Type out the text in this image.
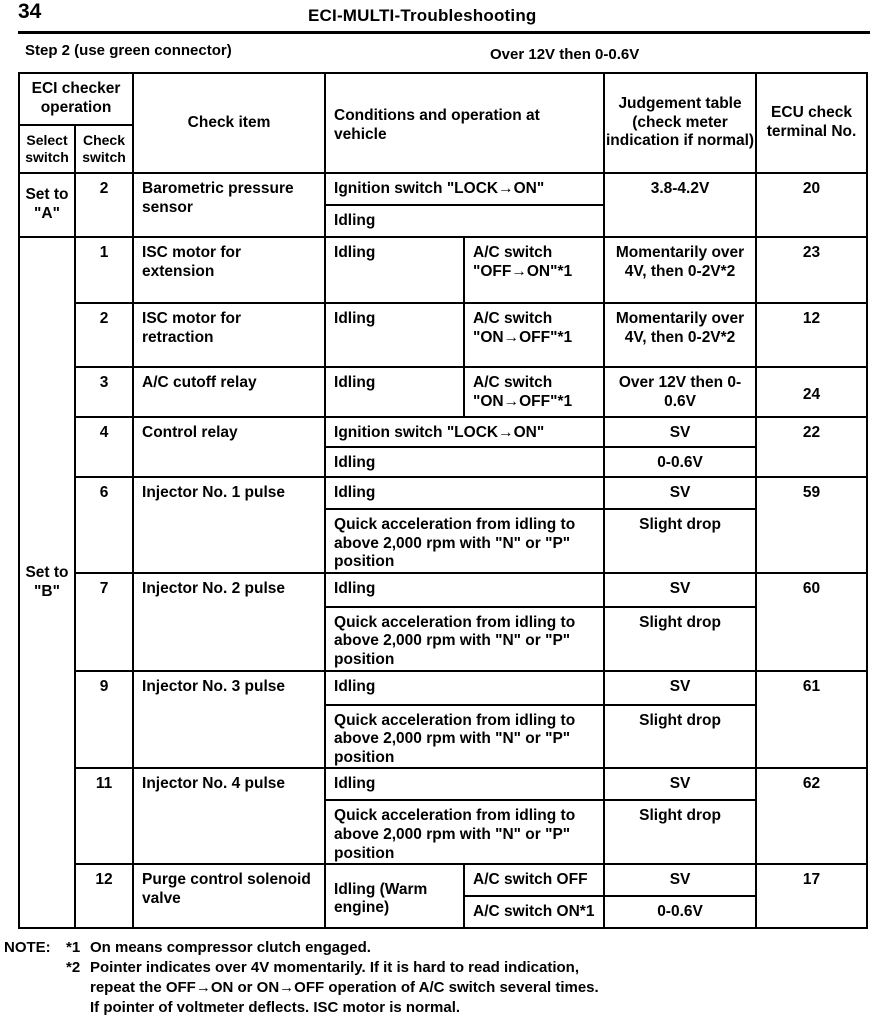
34	ECI-MULTI-Troubleshooting
Step 2 (use green connector)	Over 12V then 0-0.6V
ECI checker operation		Check item	Conditions and operation at vehicle		Judgement table (check meter indication if normal)	ECU check terminal No.
Select switch	Check switch					
Set to "A"	2	Barometric pressure sensor	Ignition switch "LOCK→ON"		3.8-4.2V	20
			Idling			
Set to "B"	1	ISC motor for extension	Idling	A/C switch "OFF→ON"*1	Momentarily over 4V, then 0-2V*2	23
	2	ISC motor for retraction	Idling	A/C switch "ON→OFF"*1	Momentarily over 4V, then 0-2V*2	12
	3	A/C cutoff relay	Idling	A/C switch "ON→OFF"*1	Over 12V then 0-0.6V	24
	4	Control relay	Ignition switch "LOCK→ON"		SV	22
			Idling		0-0.6V	
	6	Injector No. 1 pulse	Idling		SV	59
			Quick acceleration from idling to above 2,000 rpm with "N" or "P" position		Slight drop	
	7	Injector No. 2 pulse	Idling		SV	60
			Quick acceleration from idling to above 2,000 rpm with "N" or "P" position		Slight drop	
	9	Injector No. 3 pulse	Idling		SV	61
			Quick acceleration from idling to above 2,000 rpm with "N" or "P" position		Slight drop	
	11	Injector No. 4 pulse	Idling		SV	62
			Quick acceleration from idling to above 2,000 rpm with "N" or "P" position		Slight drop	
	12	Purge control solenoid valve	Idling (Warm engine)	A/C switch OFF	SV	17
				A/C switch ON*1	0-0.6V	
NOTE:	*1 On means compressor clutch engaged.
*2 Pointer indicates over 4V momentarily. If it is hard to read indication,
repeat the OFF→ON or ON→OFF operation of A/C switch several times.
If pointer of voltmeter deflects. ISC motor is normal.
